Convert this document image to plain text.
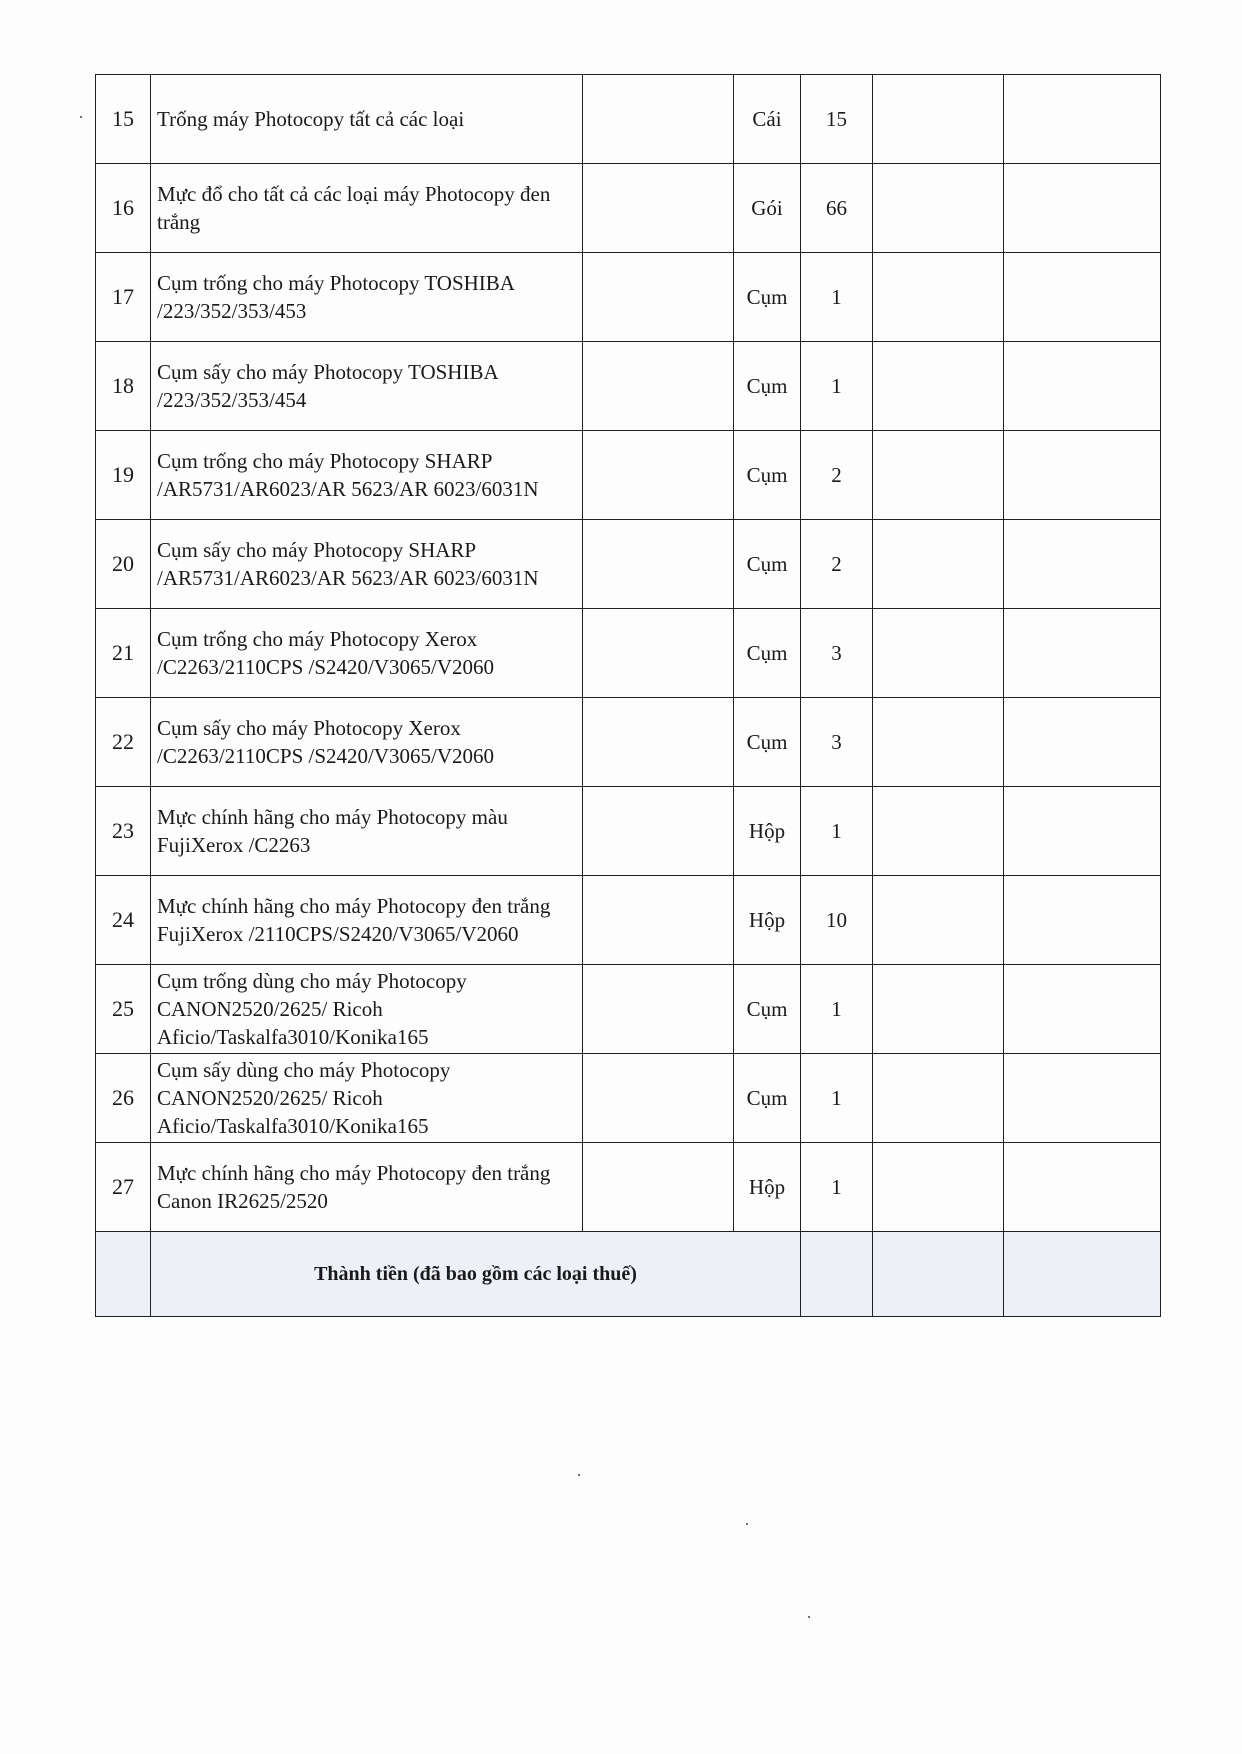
15	Trống máy Photocopy tất cả các loại		Cái	15		
16	Mực đổ cho tất cả các loại máy Photocopy đen trắng		Gói	66		
17	Cụm trống cho máy Photocopy TOSHIBA /223/352/353/453		Cụm	1		
18	Cụm sấy cho máy Photocopy TOSHIBA /223/352/353/454		Cụm	1		
19	Cụm trống cho máy Photocopy SHARP /AR5731/AR6023/AR 5623/AR 6023/6031N		Cụm	2		
20	Cụm sấy cho máy Photocopy SHARP /AR5731/AR6023/AR 5623/AR 6023/6031N		Cụm	2		
21	Cụm trống cho máy Photocopy Xerox /C2263/2110CPS /S2420/V3065/V2060		Cụm	3		
22	Cụm sấy cho máy Photocopy Xerox /C2263/2110CPS /S2420/V3065/V2060		Cụm	3		
23	Mực chính hãng cho máy Photocopy màu FujiXerox /C2263		Hộp	1		
24	Mực chính hãng cho máy Photocopy đen trắng FujiXerox /2110CPS/S2420/V3065/V2060		Hộp	10		
25	Cụm trống dùng cho máy Photocopy CANON2520/2625/ Ricoh Aficio/Taskalfa3010/Konika165		Cụm	1		
26	Cụm sấy dùng cho máy Photocopy CANON2520/2625/ Ricoh Aficio/Taskalfa3010/Konika165		Cụm	1		
27	Mực chính hãng cho máy Photocopy đen trắng Canon IR2625/2520		Hộp	1		
	Thành tiền (đã bao gồm các loại thuế)					
